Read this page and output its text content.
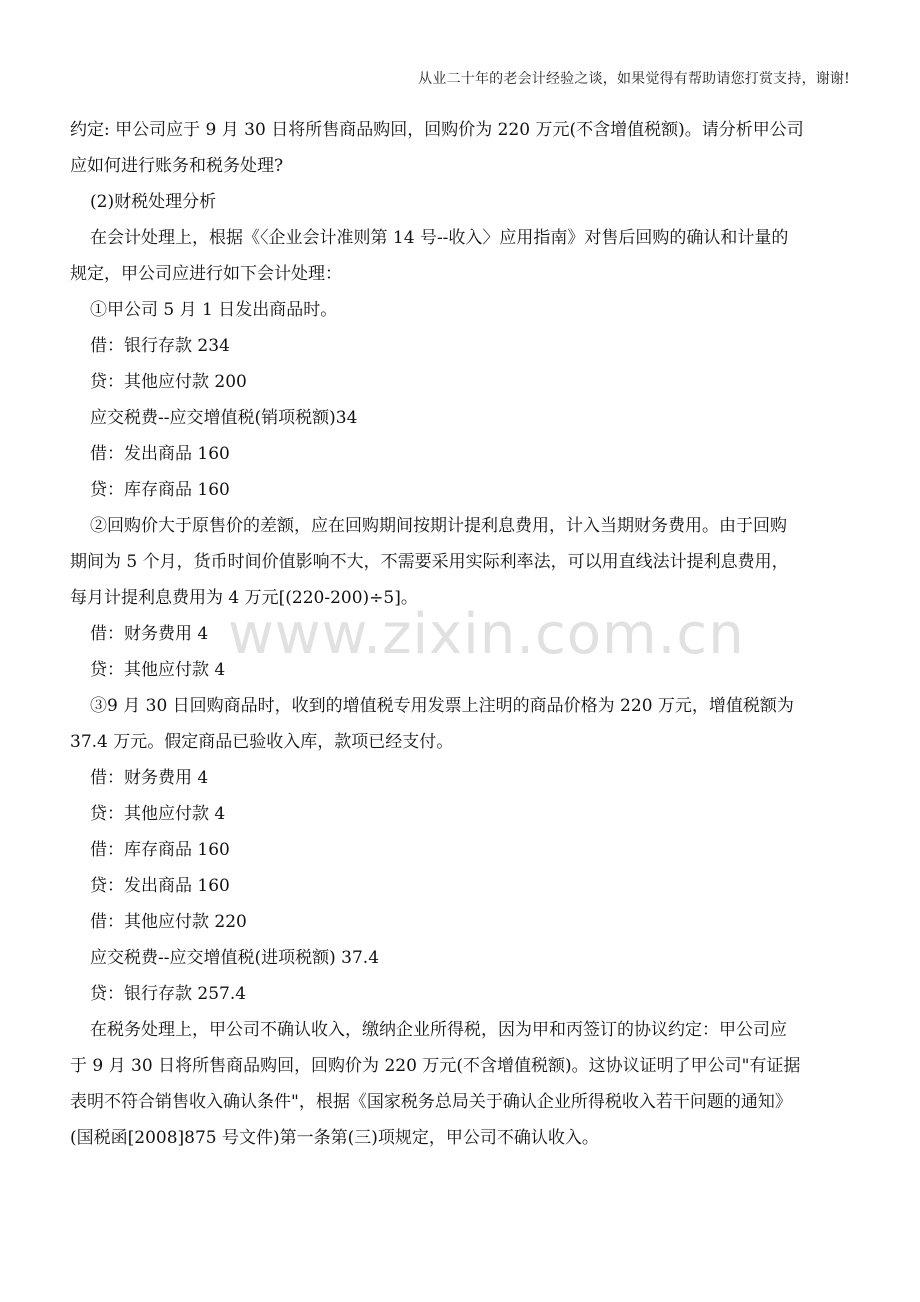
从业二十年的老会计经验之谈，如果觉得有帮助请您打赏支持，谢谢!
www.zixin.com.cn

约定: 甲公司应于 9 月 30 日将所售商品购回，回购价为 220 万元(不含增值税额)。请分析甲公司

应如何进行账务和税务处理?

(2)财税处理分析

在会计处理上，根据《〈企业会计准则第 14 号--收入〉应用指南》对售后回购的确认和计量的

规定，甲公司应进行如下会计处理：

①甲公司 5 月 1 日发出商品时。

借：银行存款 234

贷：其他应付款 200

应交税费--应交增值税(销项税额)34

借：发出商品 160

贷：库存商品 160

②回购价大于原售价的差额，应在回购期间按期计提利息费用，计入当期财务费用。由于回购

期间为 5 个月，货币时间价值影响不大，不需要采用实际利率法，可以用直线法计提利息费用，

每月计提利息费用为 4 万元[(220-200)÷5]。

借：财务费用 4

贷：其他应付款 4

③9 月 30 日回购商品时，收到的增值税专用发票上注明的商品价格为 220 万元，增值税额为

37.4 万元。假定商品已验收入库，款项已经支付。

借：财务费用 4

贷：其他应付款 4

借：库存商品 160

贷：发出商品 160

借：其他应付款 220

应交税费--应交增值税(进项税额) 37.4

贷：银行存款 257.4

在税务处理上，甲公司不确认收入，缴纳企业所得税，因为甲和丙签订的协议约定：甲公司应

于 9 月 30 日将所售商品购回，回购价为 220 万元(不含增值税额)。这协议证明了甲公司"有证据

表明不符合销售收入确认条件"，根据《国家税务总局关于确认企业所得税收入若干问题的通知》

(国税函[2008]875 号文件)第一条第(三)项规定，甲公司不确认收入。
